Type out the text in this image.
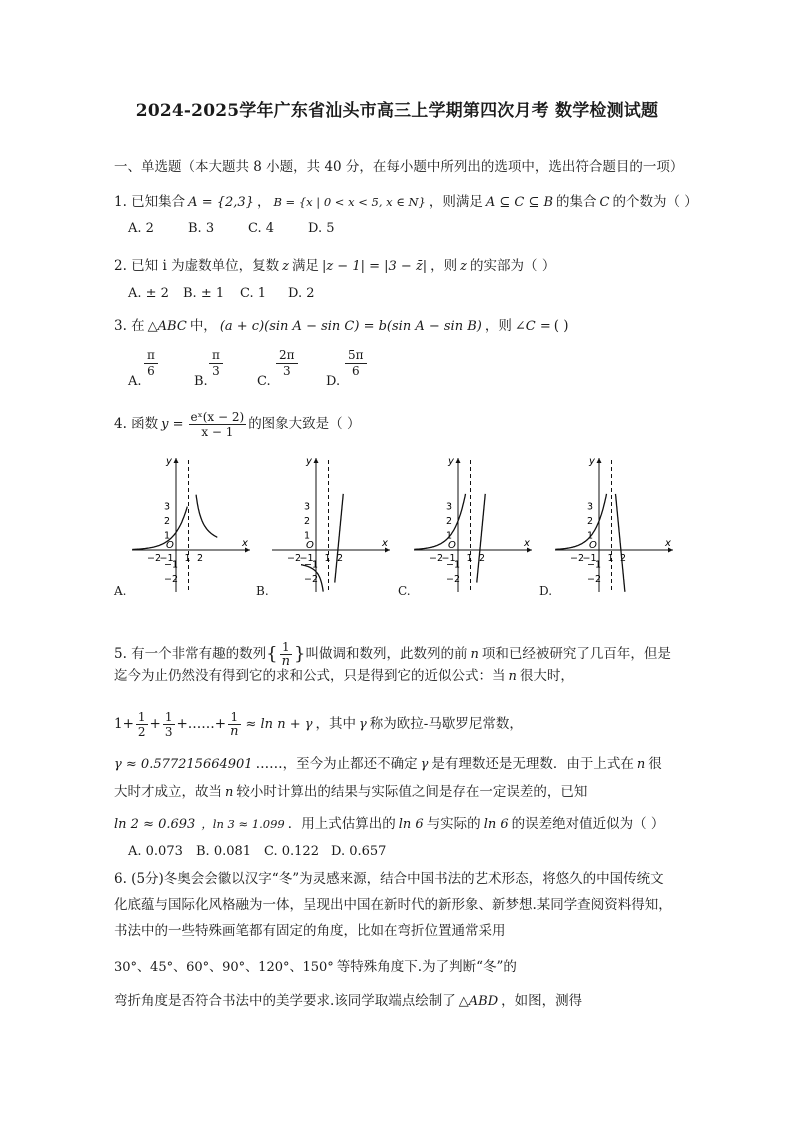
2024-2025学年广东省汕头市高三上学期第四次月考 数学检测试题
一、单选题（本大题共 8 小题，共 40 分，在每小题中所列出的选项中，选出符合题目的一项）
1. 已知集合 A = {2,3} ， B = {x | 0 < x < 5, x ∈ N} ，则满足 A ⊆ C ⊆ B 的集合 C 的个数为（ ）
A. 2	B. 3	C. 4	D. 5
2. 已知 i 为虚数单位，复数 z 满足 |z − 1| = |3 − z̄| ，则 z 的实部为（ ）
A. ± 2 B. ± 1 C. 1 D. 2
3. 在 △ABC 中， (a + c)(sin A − sin C) = b(sin A − sin B) ，则 ∠C = ( )
A.
π
6
B.
π
3
C.
2π
3
D.
5π
6
4. 函数 $y = \frac{\text{eˣ(x − 2)}}{x - 1}$ 的图象大致是（ ）
y
x
O
−2
−1 1 2
3
2
1
−1
−2
y
x
O
−2
−1 1 2
3
2
1
−1
−2
y
x
O
−2
−1 1 2
3
2
1
−1
−2
y
x
O
−2
−1 1 2
3
2
1
−1
−2
A.	B.	C.	D.
5. 有一个非常有趣的数列{ $\frac{1}{n}$ }叫做调和数列，此数列的前 n 项和已经被研究了几百年，但是
迄今为止仍然没有得到它的求和公式，只是得到它的近似公式：当 n 很大时，
$1+ \frac{1}{2} + \frac{1}{3}$ +……+ $\frac{1}{n} \approx \ln n + \gamma$ ，其中 γ 称为欧拉-马歇罗尼常数，
γ ≈ 0.577215664901 ……，至今为止都还不确定 γ 是有理数还是无理数．由于上式在 n 很
大时才成立，故当 n 较小时计算出的结果与实际值之间是存在一定误差的，已知
ln 2 ≈ 0.693 ，ln 3 ≈ 1.099 ．用上式估算出的 ln 6 与实际的 ln 6 的误差绝对值近似为（ ）
A. 0.073 B. 0.081 C. 0.122 D. 0.657
6. (5分)冬奥会会徽以汉字“冬”为灵感来源，结合中国书法的艺术形态，将悠久的中国传统文
化底蕴与国际化风格融为一体，呈现出中国在新时代的新形象、新梦想.某同学查阅资料得知，
书法中的一些特殊画笔都有固定的角度，比如在弯折位置通常采用
30°、45°、60°、90°、120°、150° 等特殊角度下.为了判断“冬”的
弯折角度是否符合书法中的美学要求.该同学取端点绘制了 △ABD ，如图，测得
